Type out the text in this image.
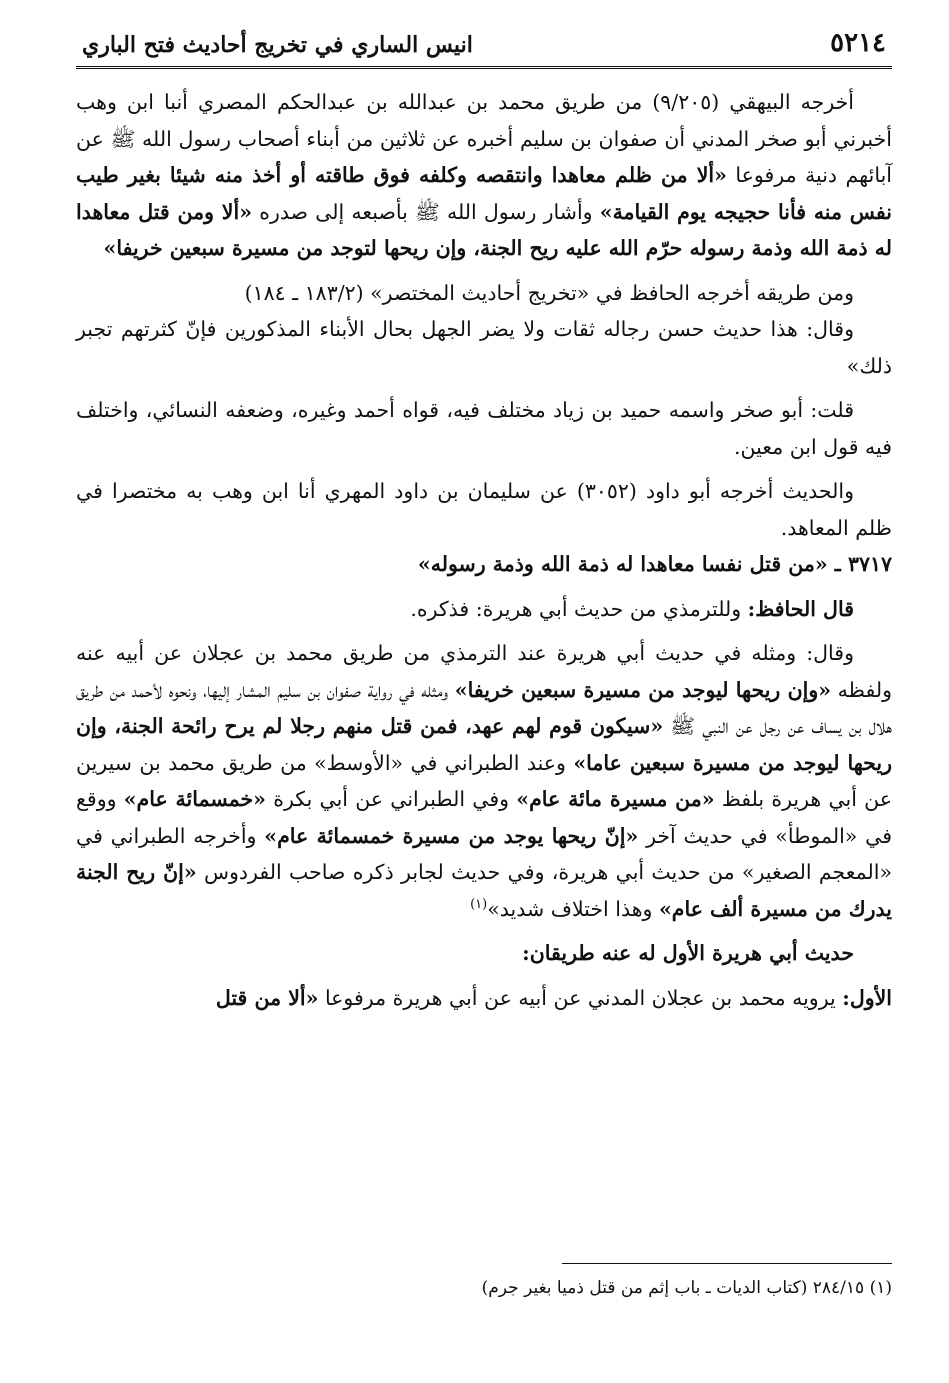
٥٢١٤
انيس الساري في تخريج أحاديث فتح الباري

أخرجه البيهقي (٩/٢٠٥) من طريق محمد بن عبدالله بن عبدالحكم المصري أنبا ابن وهب أخبرني أبو صخر المدني أن صفوان بن سليم أخبره عن ثلاثين من أبناء أصحاب رسول الله ﷺ عن آبائهم دنية مرفوعا «ألا من ظلم معاهدا وانتقصه وكلفه فوق طاقته أو أخذ منه شيئا بغير طيب نفس منه فأنا حجيجه يوم القيامة» وأشار رسول الله ﷺ بأصبعه إلى صدره «ألا ومن قتل معاهدا له ذمة الله وذمة رسوله حرّم الله عليه ريح الجنة، وإن ريحها لتوجد من مسيرة سبعين خريفا»

ومن طريقه أخرجه الحافظ في «تخريج أحاديث المختصر» (١٨٣/٢ ـ ١٨٤)

وقال: هذا حديث حسن رجاله ثقات ولا يضر الجهل بحال الأبناء المذكورين فإنّ كثرتهم تجبر ذلك»

قلت: أبو صخر واسمه حميد بن زياد مختلف فيه، قواه أحمد وغيره، وضعفه النسائي، واختلف فيه قول ابن معين.

والحديث أخرجه أبو داود (٣٠٥٢) عن سليمان بن داود المهري أنا ابن وهب به مختصرا في ظلم المعاهد.

٣٧١٧ ـ «من قتل نفسا معاهدا له ذمة الله وذمة رسوله»

قال الحافظ: وللترمذي من حديث أبي هريرة: فذكره.

وقال: ومثله في حديث أبي هريرة عند الترمذي من طريق محمد بن عجلان عن أبيه عنه ولفظه «وإن ريحها ليوجد من مسيرة سبعين خريفا» ومثله في رواية صفوان بن سليم المشار إليها، ونحوه لأحمد من طريق هلال بن يساف عن رجل عن النبي ﷺ «سيكون قوم لهم عهد، فمن قتل منهم رجلا لم يرح رائحة الجنة، وإن ريحها ليوجد من مسيرة سبعين عاما» وعند الطبراني في «الأوسط» من طريق محمد بن سيرين عن أبي هريرة بلفظ «من مسيرة مائة عام» وفي الطبراني عن أبي بكرة «خمسمائة عام» ووقع في «الموطأ» في حديث آخر «إنّ ريحها يوجد من مسيرة خمسمائة عام» وأخرجه الطبراني في «المعجم الصغير» من حديث أبي هريرة، وفي حديث لجابر ذكره صاحب الفردوس «إنّ ريح الجنة يدرك من مسيرة ألف عام» وهذا اختلاف شديد»$^{(١)}$

حديث أبي هريرة الأول له عنه طريقان:

الأول: يرويه محمد بن عجلان المدني عن أبيه عن أبي هريرة مرفوعا «ألا من قتل

(١) ٢٨٤/١٥ (كتاب الديات ـ باب إثم من قتل ذميا بغير جرم)
